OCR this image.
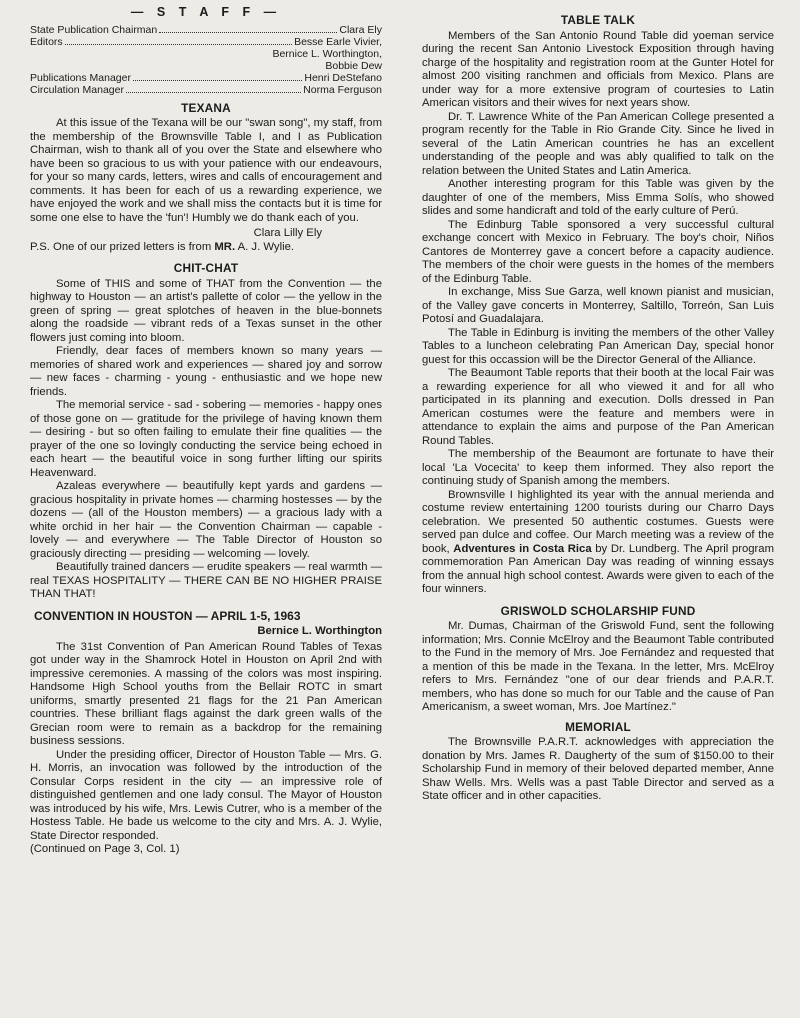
— S T A F F —
State Publication Chairman	Clara Ely
Editors	Besse Earle Vivier,
Bernice L. Worthington,
Bobbie Dew
Publications Manager	Henri DeStefano
Circulation Manager	Norma Ferguson
TEXANA

At this issue of the Texana will be our "swan song", my staff, from the membership of the Brownsville Table I, and I as Publication Chairman, wish to thank all of you over the State and elsewhere who have been so gracious to us with your patience with our endeavours, for your so many cards, letters, wires and calls of encouragement and comments. It has been for each of us a rewarding experience, we have enjoyed the work and we shall miss the contacts but it is time for some one else to have the 'fun'! Humbly we do thank each of you.

Clara Lilly Ely

P.S. One of our prized letters is from MR. A. J. Wylie.

CHIT-CHAT

Some of THIS and some of THAT from the Convention — the highway to Houston — an artist's pallette of color — the yellow in the green of spring — great splotches of heaven in the blue-bonnets along the roadside — vibrant reds of a Texas sunset in the other flowers just coming into bloom.

Friendly, dear faces of members known so many years — memories of shared work and experiences — shared joy and sorrow — new faces - charming - young - enthusiastic and we hope new friends.

The memorial service - sad - sobering — memories - happy ones of those gone on — gratitude for the privilege of having known them — desiring - but so often failing to emulate their fine qualities — the prayer of the one so lovingly conducting the service being echoed in each heart — the beautiful voice in song further lifting our spirits Heavenward.

Azaleas everywhere — beautifully kept yards and gardens — gracious hospitality in private homes — charming hostesses — by the dozens — (all of the Houston members) — a gracious lady with a white orchid in her hair — the Convention Chairman — capable - lovely — and everywhere — The Table Director of Houston so graciously directing — presiding — welcoming — lovely.

Beautifully trained dancers — erudite speakers — real warmth — real TEXAS HOSPITALITY — THERE CAN BE NO HIGHER PRAISE THAN THAT!

CONVENTION IN HOUSTON — APRIL 1-5, 1963
Bernice L. Worthington

The 31st Convention of Pan American Round Tables of Texas got under way in the Shamrock Hotel in Houston on April 2nd with impressive ceremonies. A massing of the colors was most inspiring. Handsome High School youths from the Bellair ROTC in smart uniforms, smartly presented 21 flags for the 21 Pan American countries. These brilliant flags against the dark green walls of the Grecian room were to remain as a backdrop for the remaining business sessions.

Under the presiding officer, Director of Houston Table — Mrs. G. H. Morris, an invocation was followed by the introduction of the Consular Corps resident in the city — an impressive role of distinguished gentlemen and one lady consul. The Mayor of Houston was introduced by his wife, Mrs. Lewis Cutrer, who is a member of the Hostess Table. He bade us welcome to the city and Mrs. A. J. Wylie, State Director responded.

(Continued on Page 3, Col. 1)

TABLE TALK

Members of the San Antonio Round Table did yoeman service during the recent San Antonio Livestock Exposition through having charge of the hospitality and registration room at the Gunter Hotel for almost 200 visiting ranchmen and officials from Mexico. Plans are under way for a more extensive program of courtesies to Latin American visitors and their wives for next years show.

Dr. T. Lawrence White of the Pan American College presented a program recently for the Table in Rio Grande City. Since he lived in several of the Latin American countries he has an excellent understanding of the people and was ably qualified to talk on the relation between the United States and Latin America.

Another interesting program for this Table was given by the daughter of one of the members, Miss Emma Solís, who showed slides and some handicraft and told of the early culture of Perú.

The Edinburg Table sponsored a very successful cultural exchange concert with Mexico in February. The boy's choir, Niños Cantores de Monterrey gave a concert before a capacity audience. The members of the choir were guests in the homes of the members of the Edinburg Table.

In exchange, Miss Sue Garza, well known pianist and musician, of the Valley gave concerts in Monterrey, Saltillo, Torreón, San Luis Potosí and Guadalajara.

The Table in Edinburg is inviting the members of the other Valley Tables to a luncheon celebrating Pan American Day, special honor guest for this occassion will be the Director General of the Alliance.

The Beaumont Table reports that their booth at the local Fair was a rewarding experience for all who viewed it and for all who participated in its planning and execution. Dolls dressed in Pan American costumes were the feature and members were in attendance to explain the aims and purpose of the Pan American Round Tables.

The membership of the Beaumont are fortunate to have their local 'La Vocecita' to keep them informed. They also report the continuing study of Spanish among the members.

Brownsville I highlighted its year with the annual merienda and costume review entertaining 1200 tourists during our Charro Days celebration. We presented 50 authentic costumes. Guests were served pan dulce and coffee. Our March meeting was a review of the book, Adventures in Costa Rica by Dr. Lundberg. The April program commemoration Pan American Day was reading of winning essays from the annual high school contest. Awards were given to each of the four winners.

GRISWOLD SCHOLARSHIP FUND

Mr. Dumas, Chairman of the Griswold Fund, sent the following information; Mrs. Connie McElroy and the Beaumont Table contributed to the Fund in the memory of Mrs. Joe Fernández and requested that a mention of this be made in the Texana. In the letter, Mrs. McElroy refers to Mrs. Fernández "one of our dear friends and P.A.R.T. members, who has done so much for our Table and the cause of Pan Americanism, a sweet woman, Mrs. Joe Martínez."

MEMORIAL

The Brownsville P.A.R.T. acknowledges with appreciation the donation by Mrs. James R. Daugherty of the sum of $150.00 to their Scholarship Fund in memory of their beloved departed member, Anne Shaw Wells. Mrs. Wells was a past Table Director and served as a State officer and in other capacities.
